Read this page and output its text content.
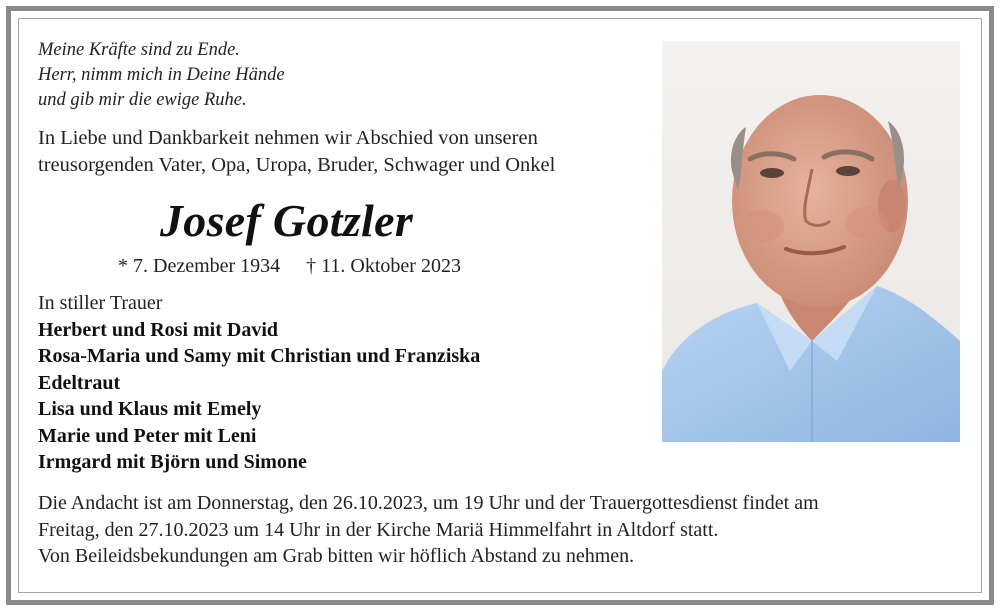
Meine Kräfte sind zu Ende.
Herr, nimm mich in Deine Hände
und gib mir die ewige Ruhe.
In Liebe und Dankbarkeit nehmen wir Abschied von unseren
treusorgenden Vater, Opa, Uropa, Bruder, Schwager und Onkel
Josef Gotzler
* 7. Dezember 1934 † 11. Oktober 2023
In stiller Trauer
Herbert und Rosi mit David
Rosa-Maria und Samy mit Christian und Franziska
Edeltraut
Lisa und Klaus mit Emely
Marie und Peter mit Leni
Irmgard mit Björn und Simone
Die Andacht ist am Donnerstag, den 26.10.2023, um 19 Uhr und der Trauergottesdienst findet am
Freitag, den 27.10.2023 um 14 Uhr in der Kirche Mariä Himmelfahrt in Altdorf statt.
Von Beileidsbekundungen am Grab bitten wir höflich Abstand zu nehmen.
